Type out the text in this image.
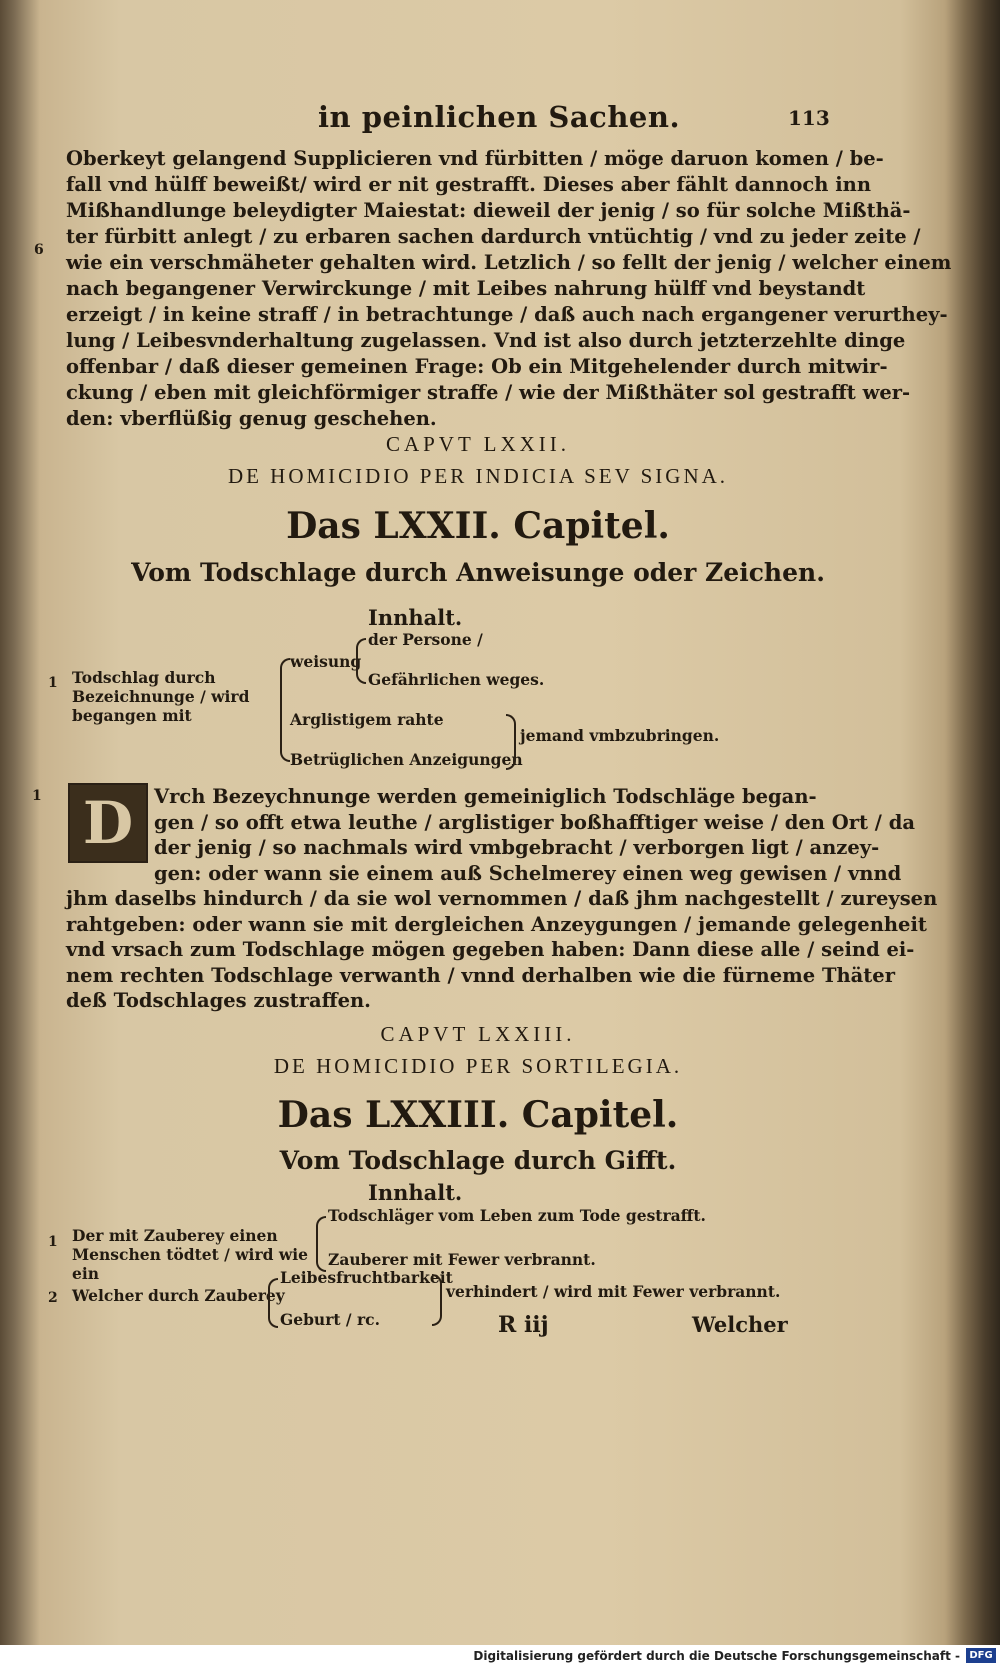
in peinlichen Sachen.	113
6
Oberkeyt gelangend Supplicieren vnd fürbitten / möge daruon komen / be-
fall vnd hülff beweißt/ wird er nit gestrafft. Dieses aber fählt dannoch inn
Mißhandlunge beleydigter Maiestat: dieweil der jenig / so für solche Mißthä-
ter fürbitt anlegt / zu erbaren sachen dardurch vntüchtig / vnd zu jeder zeite /
wie ein verschmäheter gehalten wird. Letzlich / so fellt der jenig / welcher einem
nach begangener Verwirckunge / mit Leibes nahrung hülff vnd beystandt
erzeigt / in keine straff / in betrachtunge / daß auch nach ergangener verurthey-
lung / Leibesvnderhaltung zugelassen. Vnd ist also durch jetzterzehlte dinge
offenbar / daß dieser gemeinen Frage: Ob ein Mitgehelender durch mitwir-
ckung / eben mit gleichförmiger straffe / wie der Mißthäter sol gestrafft wer-
den: vberflüßig genug geschehen.
CAPVT LXXII.
DE HOMICIDIO PER INDICIA SEV SIGNA.
Das LXXII. Capitel.
Vom Todschlage durch Anweisunge oder Zeichen.
Innhalt.
1 Todschlag durch Bezeichnunge / wird begangen mit
weisung
der Persone /
Gefährlichen weges.
Arglistigem rahte
Betrüglichen Anzeigungen
jemand vmbzubringen.
1 D	Vrch Bezeychnunge werden gemeiniglich Todschläge began-
gen / so offt etwa leuthe / arglistiger boßhafftiger weise / den Ort / da
der jenig / so nachmals wird vmbgebracht / verborgen ligt / anzey-
gen: oder wann sie einem auß Schelmerey einen weg gewisen / vnnd
jhm daselbs hindurch / da sie wol vernommen / daß jhm nachgestellt / zureysen
rahtgeben: oder wann sie mit dergleichen Anzeygungen / jemande gelegenheit
vnd vrsach zum Todschlage mögen gegeben haben: Dann diese alle / seind ei-
nem rechten Todschlage verwanth / vnnd derhalben wie die fürneme Thäter
deß Todschlages zustraffen.
CAPVT LXXIII.
DE HOMICIDIO PER SORTILEGIA.
Das LXXIII. Capitel.
Vom Todschlage durch Gifft.
Innhalt.
1 Der mit Zauberey einen Menschen tödtet / wird wie ein
Todschläger vom Leben zum Tode gestrafft.
Zauberer mit Fewer verbrannt.
2 Welcher durch Zauberey
Leibesfruchtbarkeit
Geburt / rc.
verhindert / wird mit Fewer verbrannt.
R iij	Welcher
Digitalisierung gefördert durch die Deutsche Forschungsgemeinschaft - DFG
